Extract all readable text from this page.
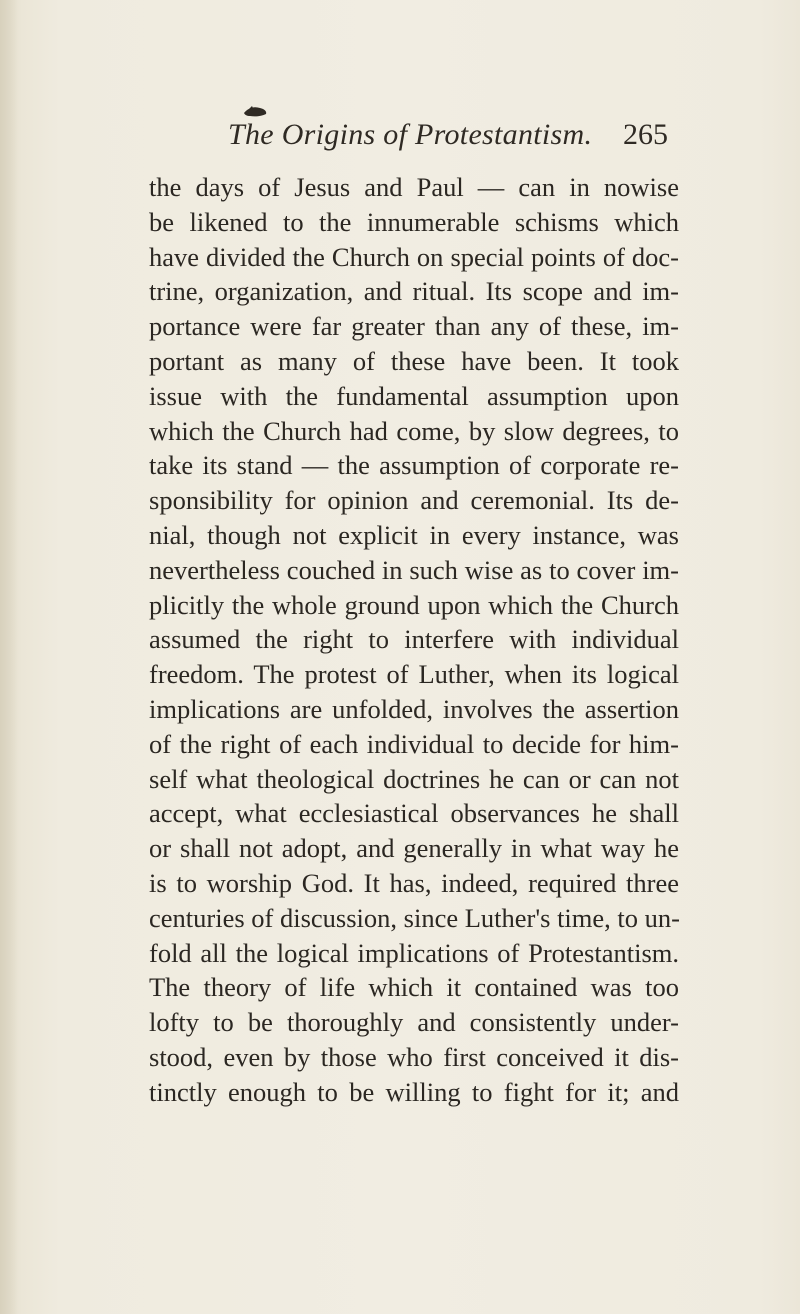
The Origins of Protestantism. 265
the days of Jesus and Paul — can in nowise
be likened to the innumerable schisms which
have divided the Church on special points of doc-
trine, organization, and ritual. Its scope and im-
portance were far greater than any of these, im-
portant as many of these have been. It took
issue with the fundamental assumption upon
which the Church had come, by slow degrees, to
take its stand — the assumption of corporate re-
sponsibility for opinion and ceremonial. Its de-
nial, though not explicit in every instance, was
nevertheless couched in such wise as to cover im-
plicitly the whole ground upon which the Church
assumed the right to interfere with individual
freedom. The protest of Luther, when its logical
implications are unfolded, involves the assertion
of the right of each individual to decide for him-
self what theological doctrines he can or can not
accept, what ecclesiastical observances he shall
or shall not adopt, and generally in what way he
is to worship God. It has, indeed, required three
centuries of discussion, since Luther's time, to un-
fold all the logical implications of Protestantism.
The theory of life which it contained was too
lofty to be thoroughly and consistently under-
stood, even by those who first conceived it dis-
tinctly enough to be willing to fight for it; and
